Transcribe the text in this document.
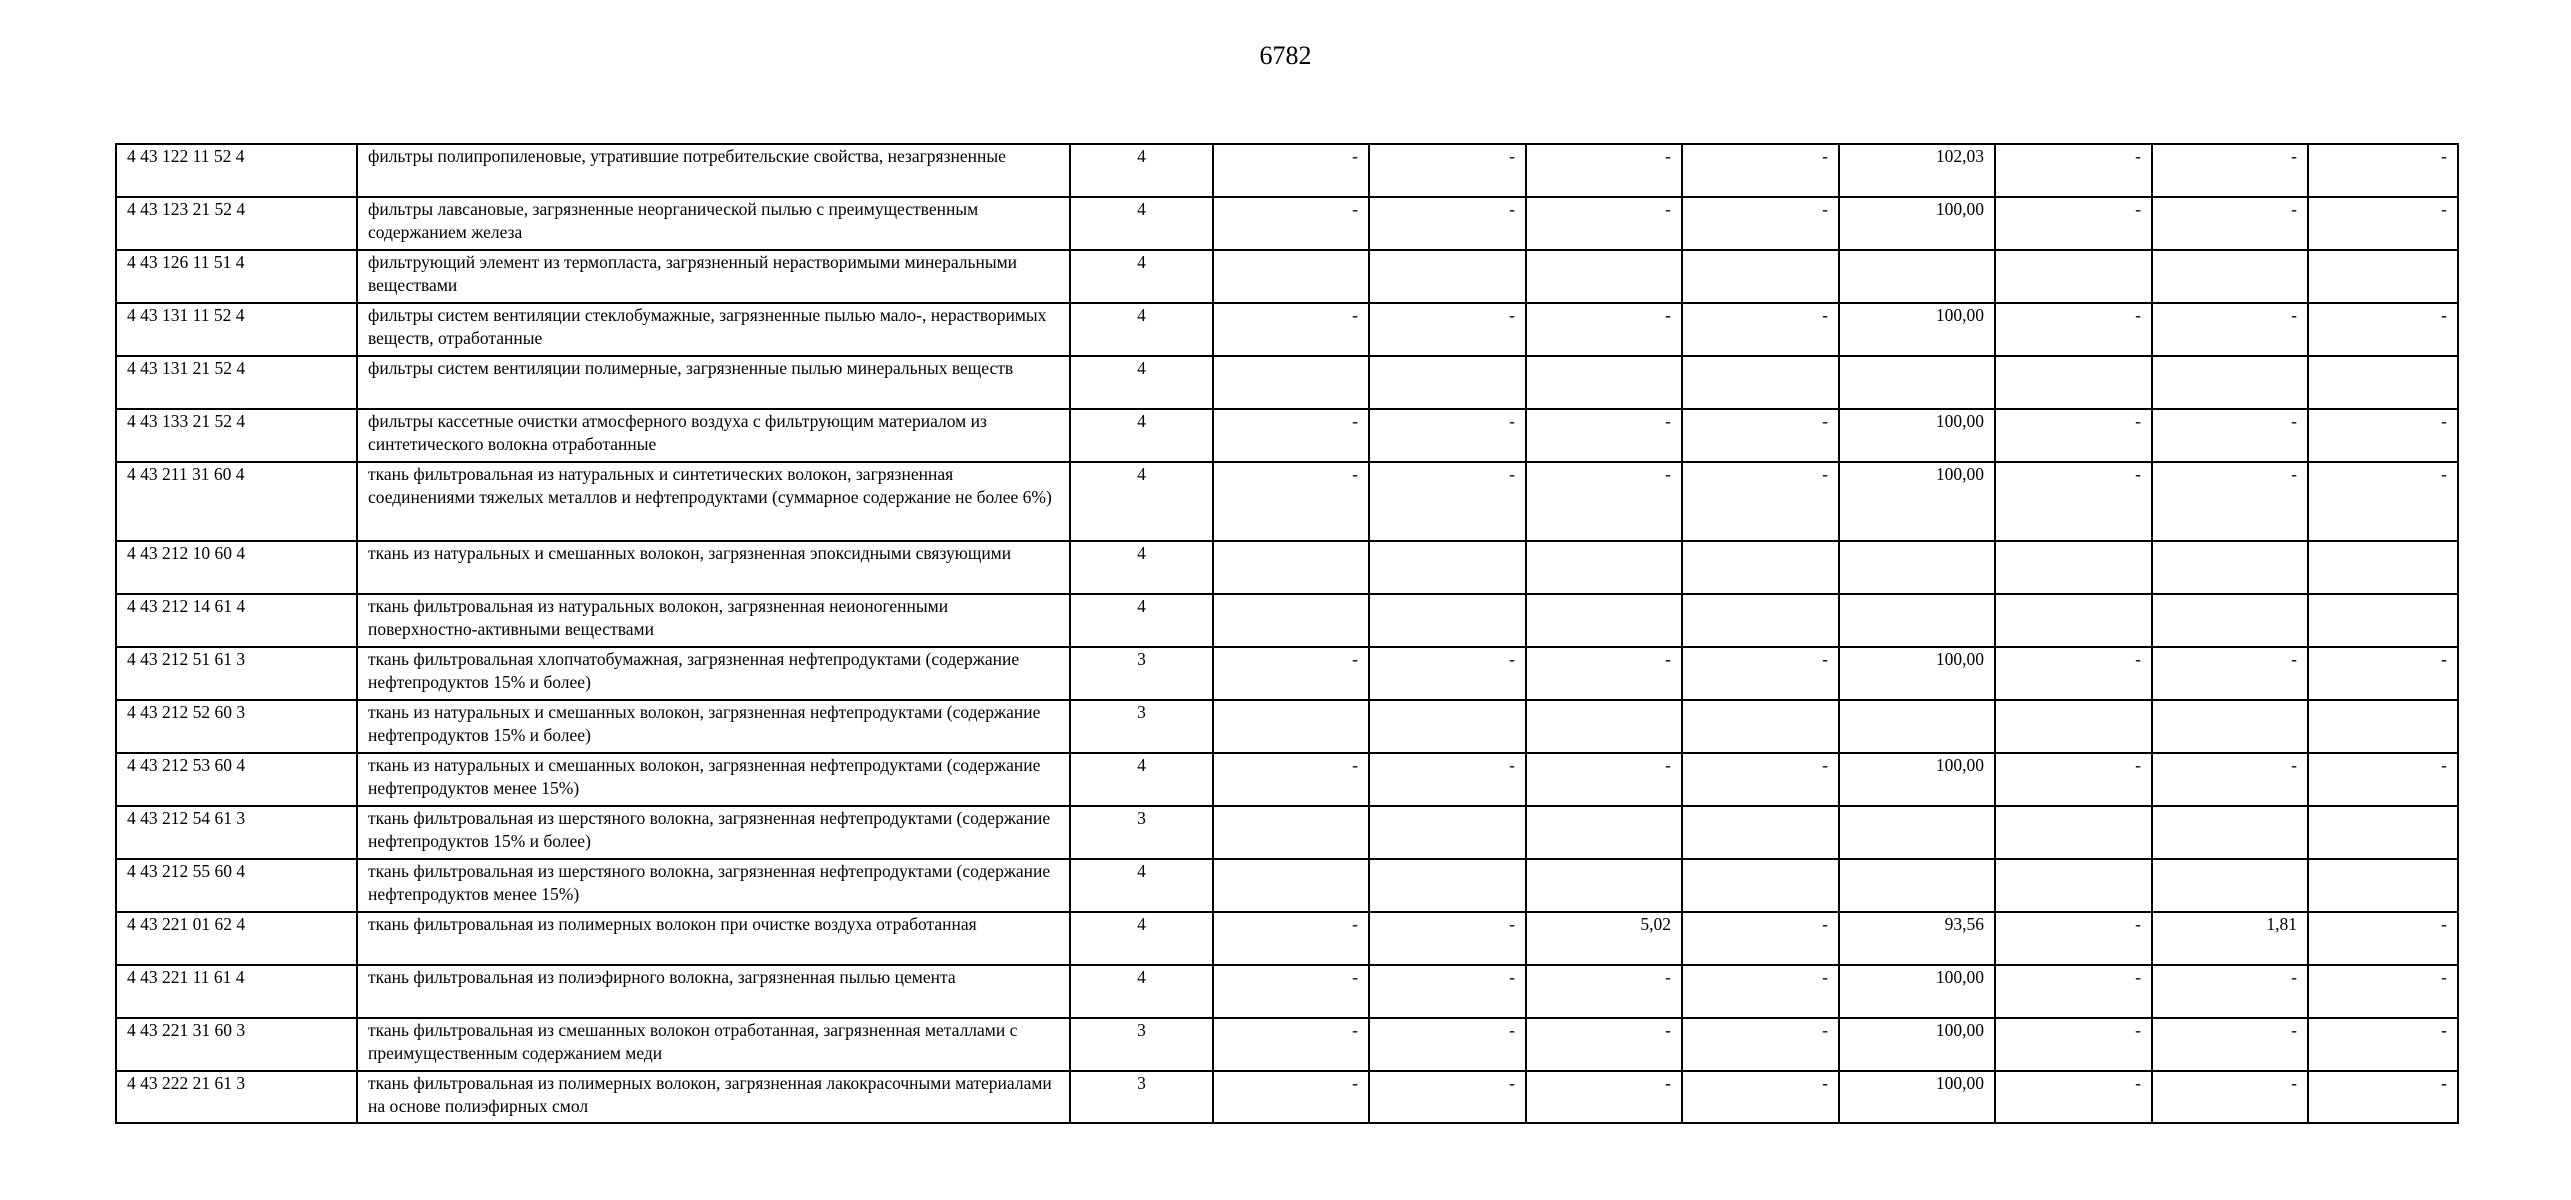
6782
4 43 122 11 52 4	фильтры полипропиленовые, утратившие потребительские свойства, незагрязненные	4	-	-	-	-	102,03	-	-	-
4 43 123 21 52 4	фильтры лавсановые, загрязненные неорганической пылью с преимущественным содержанием железа	4	-	-	-	-	100,00	-	-	-
4 43 126 11 51 4	фильтрующий элемент из термопласта, загрязненный нерастворимыми минеральными веществами	4								
4 43 131 11 52 4	фильтры систем вентиляции стеклобумажные, загрязненные пылью мало-, нерастворимых веществ, отработанные	4	-	-	-	-	100,00	-	-	-
4 43 131 21 52 4	фильтры систем вентиляции полимерные, загрязненные пылью минеральных веществ	4								
4 43 133 21 52 4	фильтры кассетные очистки атмосферного воздуха с фильтрующим материалом из синтетического волокна отработанные	4	-	-	-	-	100,00	-	-	-
4 43 211 31 60 4	ткань фильтровальная из натуральных и синтетических волокон, загрязненная соединениями тяжелых металлов и нефтепродуктами (суммарное содержание не более 6%)	4	-	-	-	-	100,00	-	-	-
4 43 212 10 60 4	ткань из натуральных и смешанных волокон, загрязненная эпоксидными связующими	4								
4 43 212 14 61 4	ткань фильтровальная из натуральных волокон, загрязненная неионогенными поверхностно-активными веществами	4								
4 43 212 51 61 3	ткань фильтровальная хлопчатобумажная, загрязненная нефтепродуктами (содержание нефтепродуктов 15% и более)	3	-	-	-	-	100,00	-	-	-
4 43 212 52 60 3	ткань из натуральных и смешанных волокон, загрязненная нефтепродуктами (содержание нефтепродуктов 15% и более)	3								
4 43 212 53 60 4	ткань из натуральных и смешанных волокон, загрязненная нефтепродуктами (содержание нефтепродуктов менее 15%)	4	-	-	-	-	100,00	-	-	-
4 43 212 54 61 3	ткань фильтровальная из шерстяного волокна, загрязненная нефтепродуктами (содержание нефтепродуктов 15% и более)	3								
4 43 212 55 60 4	ткань фильтровальная из шерстяного волокна, загрязненная нефтепродуктами (содержание нефтепродуктов менее 15%)	4								
4 43 221 01 62 4	ткань фильтровальная из полимерных волокон при очистке воздуха отработанная	4	-	-	5,02	-	93,56	-	1,81	-
4 43 221 11 61 4	ткань фильтровальная из полиэфирного волокна, загрязненная пылью цемента	4	-	-	-	-	100,00	-	-	-
4 43 221 31 60 3	ткань фильтровальная из смешанных волокон отработанная, загрязненная металлами с преимущественным содержанием меди	3	-	-	-	-	100,00	-	-	-
4 43 222 21 61 3	ткань фильтровальная из полимерных волокон, загрязненная лакокрасочными материалами на основе полиэфирных смол	3	-	-	-	-	100,00	-	-	-
